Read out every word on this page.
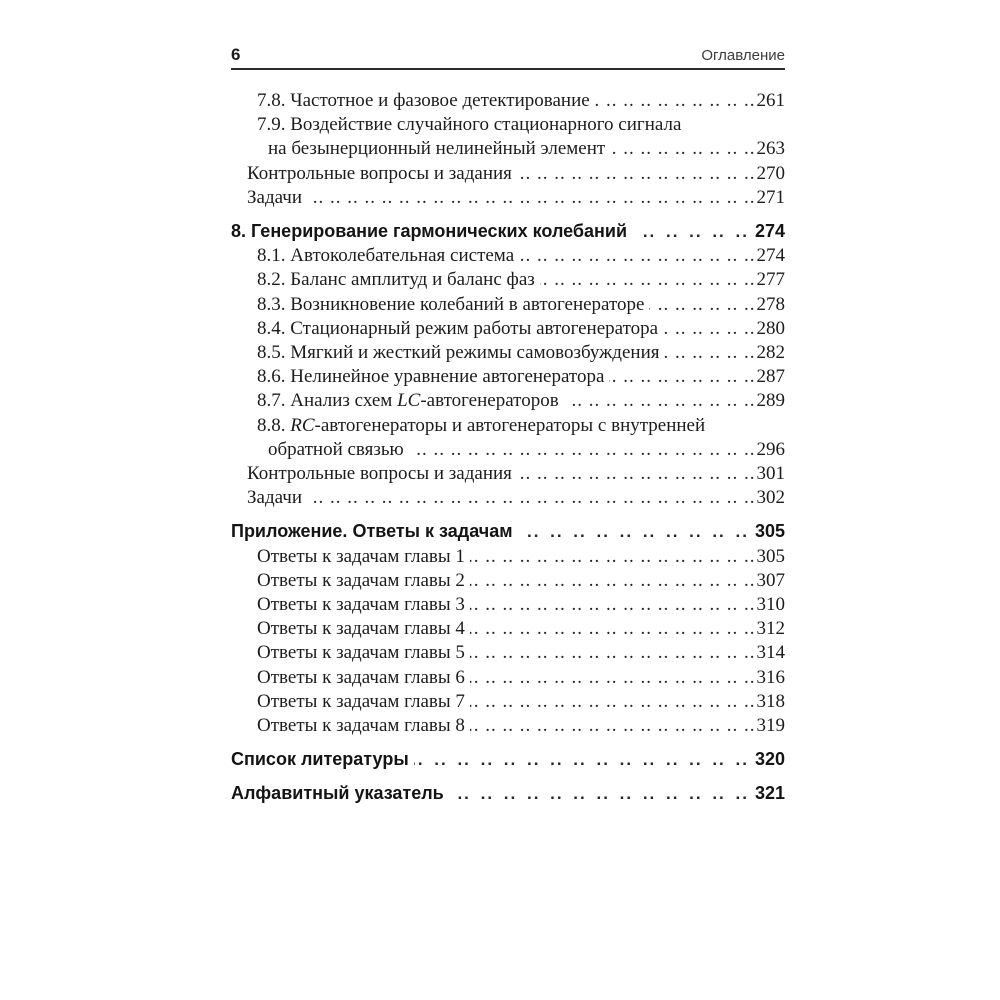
6	Оглавление
7.8. Частотное и фазовое детектирование .. ..	261
7.9. Воздействие случайного стационарного сигнала
на безынерционный нелинейный элемент .. ..	263
Контрольные вопросы и задания .. ..	270
Задачи .. ..	271
8. Генерирование гармонических колебаний .. ..	274
8.1. Автоколебательная система .. ..	274
8.2. Баланс амплитуд и баланс фаз .. ..	277
8.3. Возникновение колебаний в автогенераторе .. ..	278
8.4. Стационарный режим работы автогенератора .. ..	280
8.5. Мягкий и жесткий режимы самовозбуждения .. ..	282
8.6. Нелинейное уравнение автогенератора .. ..	287
8.7. Анализ схем LC-автогенераторов .. ..	289
8.8. RC-автогенераторы и автогенераторы с внутренней
обратной связью .. ..	296
Контрольные вопросы и задания .. ..	301
Задачи .. ..	302
Приложение. Ответы к задачам .. ..	305
Ответы к задачам главы 1 .. ..	305
Ответы к задачам главы 2 .. ..	307
Ответы к задачам главы 3 .. ..	310
Ответы к задачам главы 4 .. ..	312
Ответы к задачам главы 5 .. ..	314
Ответы к задачам главы 6 .. ..	316
Ответы к задачам главы 7 .. ..	318
Ответы к задачам главы 8 .. ..	319
Список литературы .. ..	320
Алфавитный указатель .. ..	321
